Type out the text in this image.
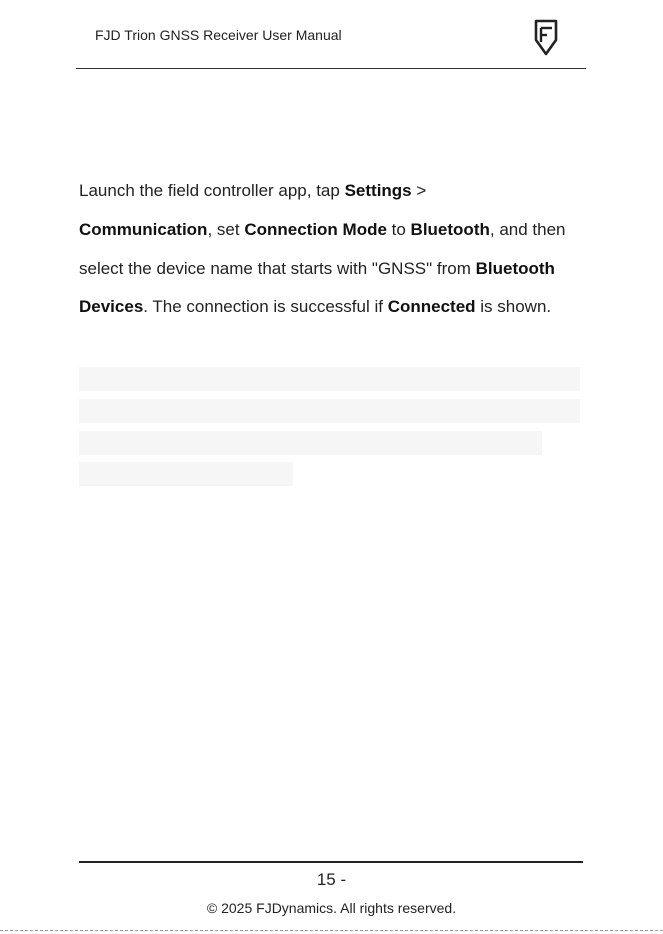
FJD Trion GNSS Receiver User Manual
Launch the field controller app, tap Settings >
Communication, set Connection Mode to Bluetooth, and then select the device name that starts with "GNSS" from Bluetooth Devices. The connection is successful if Connected is shown.
15 -
© 2025 FJDynamics. All rights reserved.
